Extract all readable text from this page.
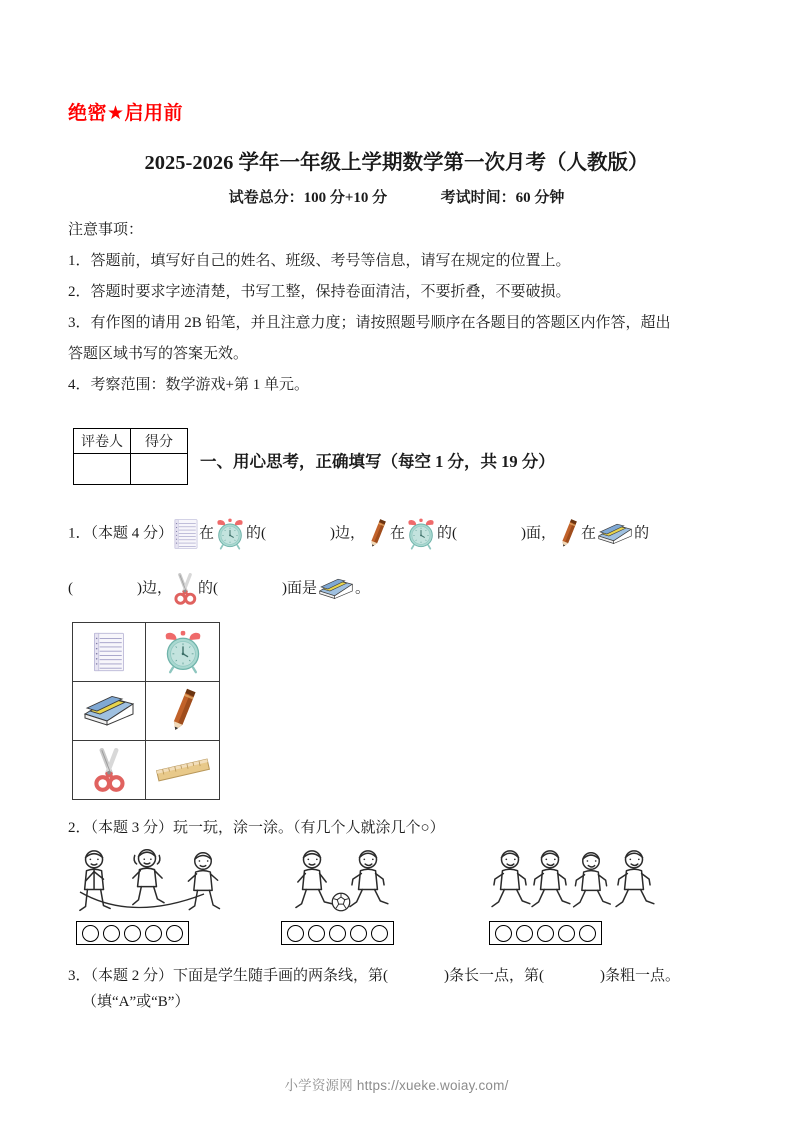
绝密★启用前
2025-2026 学年一年级上学期数学第一次月考（人教版）
试卷总分：100 分+10 分	考试时间：60 分钟

注意事项：

1．答题前，填写好自己的姓名、班级、考号等信息，请写在规定的位置上。

2．答题时要求字迹清楚，书写工整，保持卷面清洁，不要折叠，不要破损。

3．有作图的请用 2B 铅笔，并且注意力度；请按照题号顺序在各题目的答题区内作答，超出

答题区域书写的答案无效。

4．考察范围：数学游戏+第 1 单元。

评卷人	得分

一、用心思考，正确填写（每空 1 分，共 19 分）
1．（本题 4 分） 在 的(	)边， 在 的(	)面， 在	的
(	)边， 的(	)面是	。

2．（本题 3 分）玩一玩，涂一涂。（有几个人就涂几个○）
3．（本题 2 分）下面是学生随手画的两条线，第(	)条长一点，第(	)条粗一点。
（填“A”或“B”）
小学资源网 https://xueke.woiay.com/
